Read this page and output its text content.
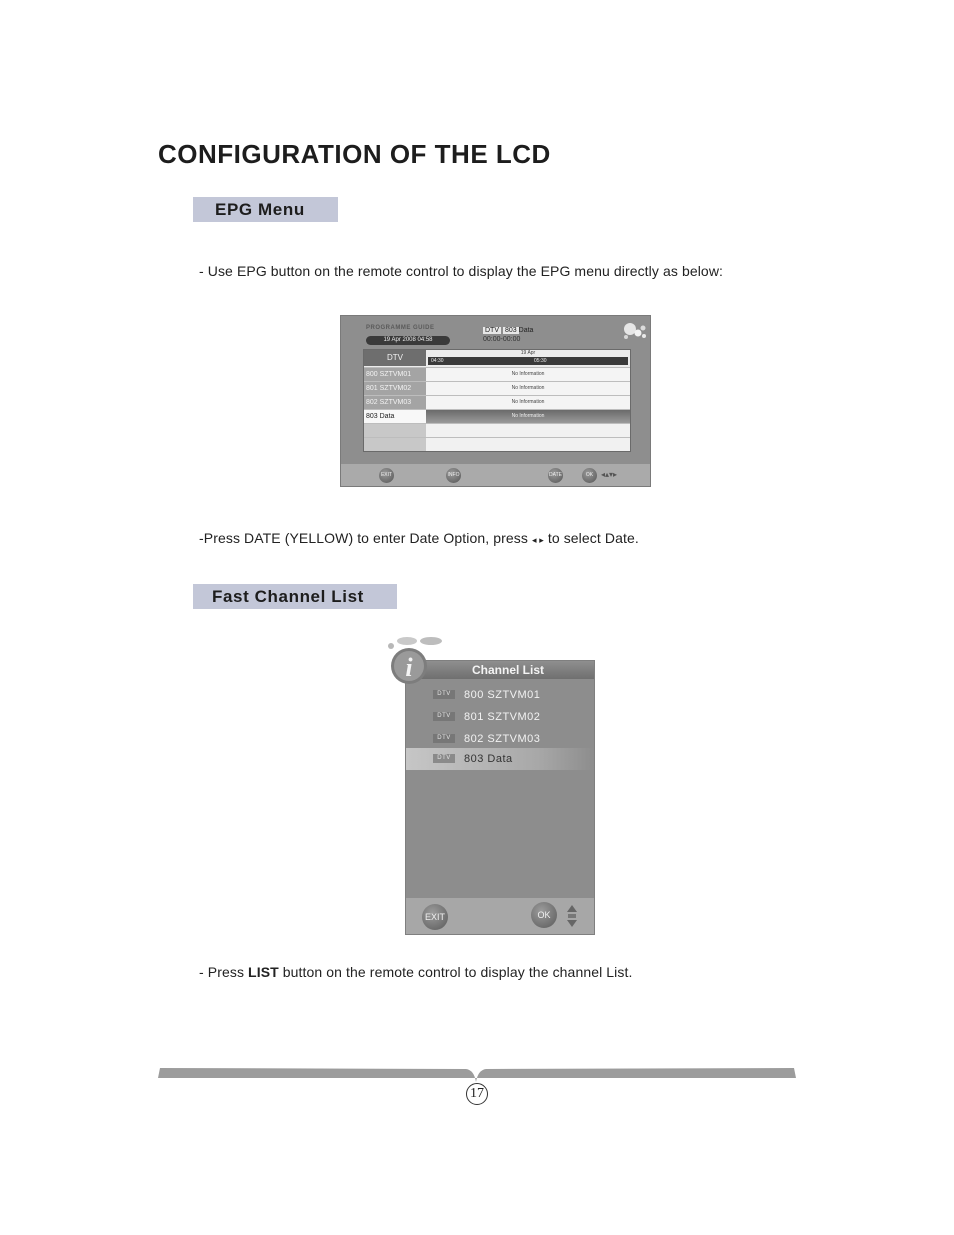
CONFIGURATION OF THE LCD
EPG Menu
- Use EPG button on the remote control to display the EPG menu directly as below:
PROGRAMME GUIDE
19 Apr 2008 04:58
DTV 803 Data
00:00-00:00
DTV	19 Apr
04:30	05:30
800 SZTVM01	No Information
801 SZTVM02	No Information
802 SZTVM03	No Information
803 Data	No Information
EXIT	INFO	DATE	OK ◂▴▾▸
-Press DATE (YELLOW) to enter Date Option, press ◂ ▸ to select Date.
Fast Channel List
Channel List
DTV	800 SZTVM01
DTV	801 SZTVM02
DTV	802 SZTVM03
DTV	803 Data
EXIT	OK
i
- Press LIST button on the remote control to display the channel List.
17
